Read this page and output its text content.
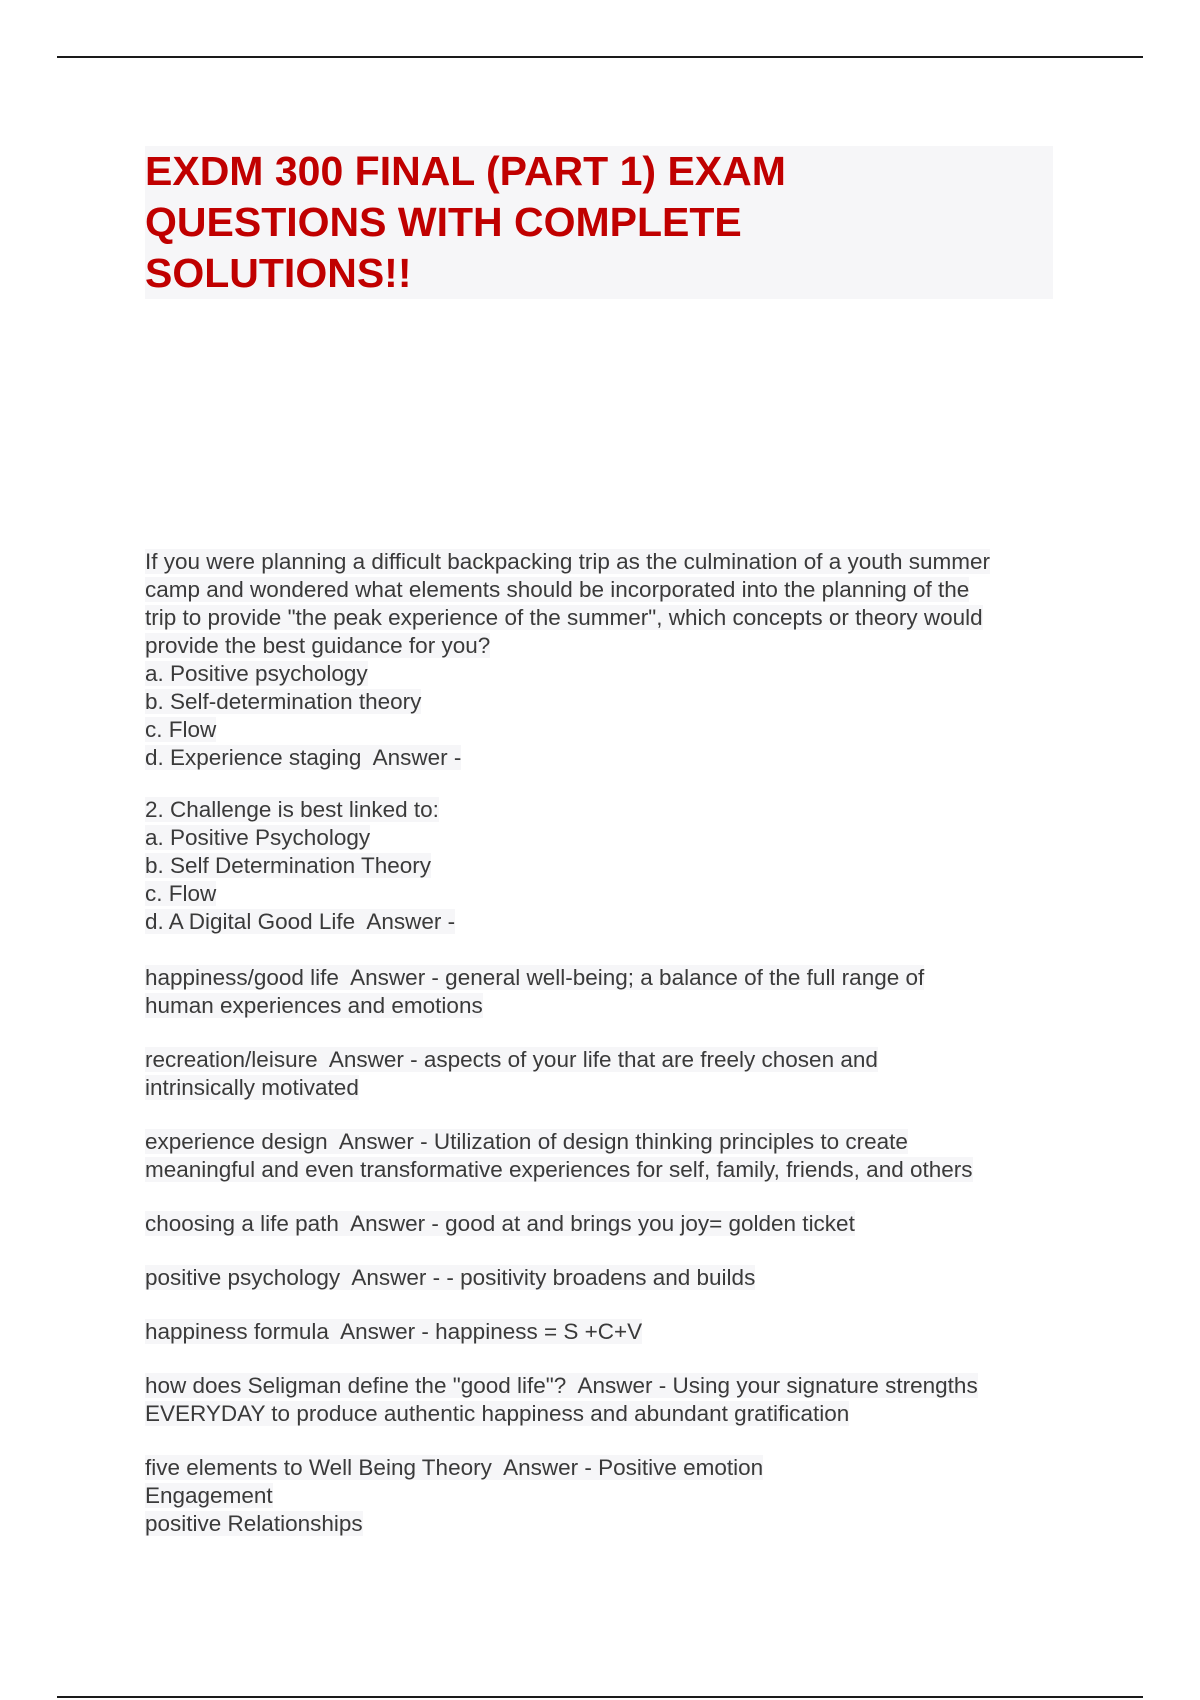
EXDM 300 FINAL (PART 1) EXAM
QUESTIONS WITH COMPLETE
SOLUTIONS!!
If you were planning a difficult backpacking trip as the culmination of a youth summer
camp and wondered what elements should be incorporated into the planning of the
trip to provide "the peak experience of the summer", which concepts or theory would
provide the best guidance for you?
a. Positive psychology
b. Self-determination theory
c. Flow
d. Experience staging  Answer -
2. Challenge is best linked to:
a. Positive Psychology
b. Self Determination Theory
c. Flow
d. A Digital Good Life  Answer -
happiness/good life  Answer - general well-being; a balance of the full range of
human experiences and emotions
recreation/leisure  Answer - aspects of your life that are freely chosen and
intrinsically motivated
experience design  Answer - Utilization of design thinking principles to create
meaningful and even transformative experiences for self, family, friends, and others
choosing a life path  Answer - good at and brings you joy= golden ticket
positive psychology  Answer - - positivity broadens and builds
happiness formula  Answer - happiness = S +C+V
how does Seligman define the "good life"?  Answer - Using your signature strengths
EVERYDAY to produce authentic happiness and abundant gratification
five elements to Well Being Theory  Answer - Positive emotion
Engagement
positive Relationships
